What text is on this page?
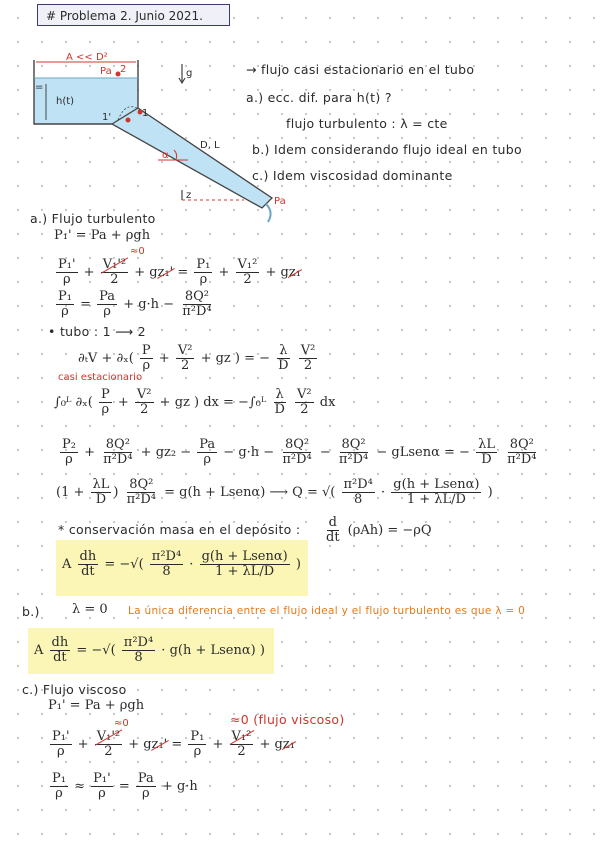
# Problema 2. Junio 2021.
A << D²
Pa 2
=
h(t)
1'	1
g
z
α
D, L
Pa
→ flujo casi estacionario en el tubo
a.) ecc. dif. para h(t) ?
flujo turbulento : λ = cte
b.) Idem considerando flujo ideal en tubo
c.) Idem viscosidad dominante
a.) Flujo turbulento
P₁' = Pa + ρgh
≈0
$\frac{\text{P₁'}}{\rho} + \frac{\text{V₁'²}}{2} + gz_1' = \frac{\text{P₁}}{\rho} + \frac{\text{V₁²}}{2} + gz_1$
$\frac{\text{P₁}}{\rho} = \frac{Pa}{\rho} + g\cdot h - \frac{\text{8Q²}}{\text{π²D⁴}}$
• tubo : 1 ⟶ 2
$\partial_tV + \partial_x( \frac{P}{\rho} + \frac{\text{V²}}{2}$ + gz ) = − $\frac{\lambda}{D}$
$\frac{\text{V²}}{2}$
casi estacionario
∫₀ᴸ $\partial_x( \frac{P}{\rho} + \frac{\text{V²}}{2}$ + gz ) dx = −∫₀ᴸ $\frac{\lambda}{D}$
$\frac{\text{V²}}{2}$ dx
$\frac{\text{P₂}}{\rho} + \frac{\text{8Q²}}{\text{π²D⁴}} + gz_2 - \frac{Pa}{\rho} - g\cdot h - \frac{\text{8Q²}}{\text{π²D⁴}} - \frac{\text{8Q²}}{\text{π²D⁴}}$ − gLsenα = − $\frac{\lambda L}{D}$
$\frac{\text{8Q²}}{\text{π²D⁴}}$
($1 + \frac{\lambda L}{D}$ ) $\frac{\text{8Q²}}{\text{π²D⁴}} = g(h$ + Lsenα) ⟶ Q = √( $\frac{\text{π²D⁴}}{8} \cdot \frac{\text{g(h + Lsenα)}}{1 + \lambda L/D}$ )
* conservación masa en el depósito : $\frac{d}{dt} (\rho Ah) = -\rho Q$
A $\frac{dh}{dt}$ = −√( $\frac{\text{π²D⁴}}{8} \cdot \frac{\text{g(h + Lsenα)}}{1 + \lambda L/D}$ )
b.) λ = 0 La única diferencia entre el flujo ideal y el flujo turbulento es que λ = 0
A $\frac{dh}{dt}$ = −√( $\frac{\text{π²D⁴}}{8} \cdot g(h$ + Lsenα) )
c.) Flujo viscoso
P₁' = Pa + ρgh
≈0	≈0 (flujo viscoso)
$\frac{\text{P₁'}}{\rho} + \frac{\text{V₁'²}}{2} + gz_1' = \frac{\text{P₁}}{\rho} + \frac{\text{V₁²}}{2} + gz_1$
$\frac{\text{P₁}}{\rho} \approx \frac{\text{P₁'}}{\rho} = \frac{Pa}{\rho} + g\cdot h$
